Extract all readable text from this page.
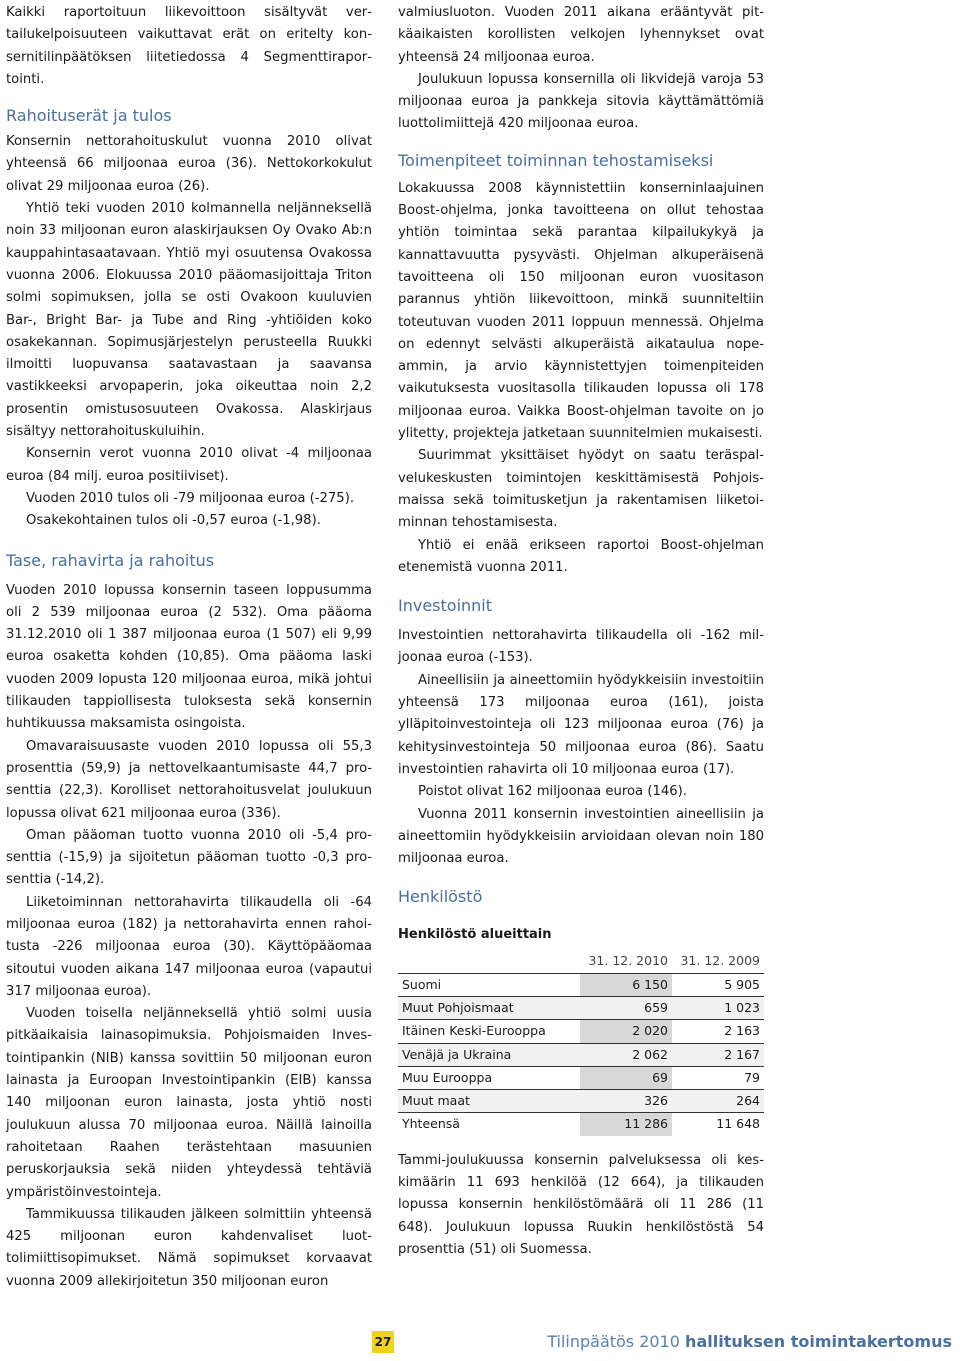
Kaikki raportoituun liikevoittoon sisältyvät vertailukelpoisuuteen vaikuttavat erät on eritelty konsernitilinpäätöksen liitetiedossa 4 Segmenttiraportointi.

Rahoituserät ja tulos

Konsernin nettorahoituskulut vuonna 2010 olivat yhteensä 66 miljoonaa euroa (36). Nettokorkokulut olivat 29 miljoonaa euroa (26).

Yhtiö teki vuoden 2010 kolmannella neljänneksellä noin 33 miljoonan euron alaskirjauksen Oy Ovako Ab:n kauppahintasaatavaan. Yhtiö myi osuutensa Ovakossa vuonna 2006. Elokuussa 2010 pääomasijoittaja Triton solmi sopimuksen, jolla se osti Ovakoon kuuluvien Bar-, Bright Bar- ja Tube and Ring -yhtiöiden koko osakekannan. Sopimusjärjestelyn perusteella Ruukki ilmoitti luopuvansa saatavastaan ja saavansa vastikkeeksi arvopaperin, joka oikeuttaa noin 2,2 prosentin omistusosuuteen Ovakossa. Alaskirjaus sisältyy nettorahoituskuluihin.

Konsernin verot vuonna 2010 olivat -4 miljoonaa euroa (84 milj. euroa positiiviset).

Vuoden 2010 tulos oli -79 miljoonaa euroa (-275).

Osakekohtainen tulos oli -0,57 euroa (-1,98).

Tase, rahavirta ja rahoitus

Vuoden 2010 lopussa konsernin taseen loppusumma oli 2 539 miljoonaa euroa (2 532). Oma pääoma 31.12.2010 oli 1 387 miljoonaa euroa (1 507) eli 9,99 euroa osaketta kohden (10,85). Oma pääoma laski vuoden 2009 lopusta 120 miljoonaa euroa, mikä johtui tilikauden tappiollisesta tuloksesta sekä konsernin huhtikuussa maksamista osingoista.

Omavaraisuusaste vuoden 2010 lopussa oli 55,3 prosenttia (59,9) ja nettovelkaantumisaste 44,7 prosenttia (22,3). Korolliset nettorahoitusvelat joulukuun lopussa olivat 621 miljoonaa euroa (336).

Oman pääoman tuotto vuonna 2010 oli -5,4 prosenttia (-15,9) ja sijoitetun pääoman tuotto -0,3 prosenttia (-14,2).

Liiketoiminnan nettorahavirta tilikaudella oli -64 miljoonaa euroa (182) ja nettorahavirta ennen rahoitusta -226 miljoonaa euroa (30). Käyttöpääomaa sitoutui vuoden aikana 147 miljoonaa euroa (vapautui 317 miljoonaa euroa).

Vuoden toisella neljänneksellä yhtiö solmi uusia pitkäaikaisia lainasopimuksia. Pohjoismaiden Investointipankin (NIB) kanssa sovittiin 50 miljoonan euron lainasta ja Euroopan Investointipankin (EIB) kanssa 140 miljoonan euron lainasta, josta yhtiö nosti joulukuun alussa 70 miljoonaa euroa. Näillä lainoilla rahoitetaan Raahen terästehtaan masuunien peruskorjauksia sekä niiden yhteydessä tehtäviä ympäristöinvestointeja.

Tammikuussa tilikauden jälkeen solmittiin yhteensä 425 miljoonan euron kahdenvaliset luottolimiittisopimukset. Nämä sopimukset korvaavat vuonna 2009 allekirjoitetun 350 miljoonan euron

valmiusluoton. Vuoden 2011 aikana erääntyvät pitkäaikaisten korollisten velkojen lyhennykset ovat yhteensä 24 miljoonaa euroa.

Joulukuun lopussa konsernilla oli likvidejä varoja 53 miljoonaa euroa ja pankkeja sitovia käyttämättömiä luottolimiittejä 420 miljoonaa euroa.

Toimenpiteet toiminnan tehostamiseksi

Lokakuussa 2008 käynnistettiin konserninlaajuinen Boost-ohjelma, jonka tavoitteena on ollut tehostaa yhtiön toimintaa sekä parantaa kilpailukykyä ja kannattavuutta pysyvästi. Ohjelman alkuperäisenä tavoitteena oli 150 miljoonan euron vuositason parannus yhtiön liikevoittoon, minkä suunniteltiin toteutuvan vuoden 2011 loppuun mennessä. Ohjelma on edennyt selvästi alkuperäistä aikataulua nopeammin, ja arvio käynnistettyjen toimenpiteiden vaikutuksesta vuositasolla tilikauden lopussa oli 178 miljoonaa euroa. Vaikka Boost-ohjelman tavoite on jo ylitetty, projekteja jatketaan suunnitelmien mukaisesti.

Suurimmat yksittäiset hyödyt on saatu teräspalvelukeskusten toimintojen keskittämisestä Pohjoismaissa sekä toimitusketjun ja rakentamisen liiketoiminnan tehostamisesta.

Yhtiö ei enää erikseen raportoi Boost-ohjelman etenemistä vuonna 2011.

Investoinnit

Investointien nettorahavirta tilikaudella oli -162 miljoonaa euroa (-153).

Aineellisiin ja aineettomiin hyödykkeisiin investoitiin yhteensä 173 miljoonaa euroa (161), joista ylläpitoinvestointeja oli 123 miljoonaa euroa (76) ja kehitysinvestointeja 50 miljoonaa euroa (86). Saatu investointien rahavirta oli 10 miljoonaa euroa (17).

Poistot olivat 162 miljoonaa euroa (146).

Vuonna 2011 konsernin investointien aineellisiin ja aineettomiin hyödykkeisiin arvioidaan olevan noin 180 miljoonaa euroa.

Henkilöstö
Henkilöstö alueittain
	31. 12. 2010	31. 12. 2009
Suomi	6 150	5 905
Muut Pohjoismaat	659	1 023
Itäinen Keski-Eurooppa	2 020	2 163
Venäjä ja Ukraina	2 062	2 167
Muu Eurooppa	69	79
Muut maat	326	264
Yhteensä	11 286	11 648

Tammi-joulukuussa konsernin palveluksessa oli keskimäärin 11 693 henkilöä (12 664), ja tilikauden lopussa konsernin henkilöstömäärä oli 11 286 (11 648). Joulukuun lopussa Ruukin henkilöstöstä 54 prosenttia (51) oli Suomessa.

27	Tilinpäätös 2010 hallituksen toimintakertomus
